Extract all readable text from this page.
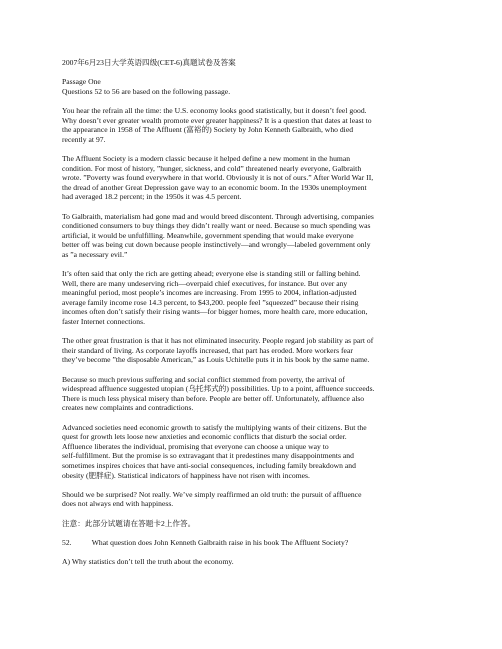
2007年6月23日大学英语四级(CET-6)真题试卷及答案

Passage One

Questions 52 to 56 are based on the following passage.

You hear the refrain all the time: the U.S. economy looks good statistically, but it doesn’t feel good.

Why doesn’t ever greater wealth promote ever greater happiness? It is a question that dates at least to

the appearance in 1958 of The Affluent (富裕的) Society by John Kenneth Galbraith, who died

recently at 97.

The Affluent Society is a modern classic because it helped define a new moment in the human

condition. For most of history, ”hunger, sickness, and cold” threatened nearly everyone, Galbraith

wrote. ”Poverty was found everywhere in that world. Obviously it is not of ours.” After World War II,

the dread of another Great Depression gave way to an economic boom. In the 1930s unemployment

had averaged 18.2 percent; in the 1950s it was 4.5 percent.

To Galbraith, materialism had gone mad and would breed discontent. Through advertising, companies

conditioned consumers to buy things they didn’t really want or need. Because so much spending was

artificial, it would be unfulfilling. Meanwhile, government spending that would make everyone

better off was being cut down because people instinctively—and wrongly—labeled government only

as ”a necessary evil.”

It’s often said that only the rich are getting ahead; everyone else is standing still or falling behind.

Well, there are many undeserving rich—overpaid chief executives, for instance. But over any

meaningful period, most people’s incomes are increasing. From 1995 to 2004, inflation-adjusted

average family income rose 14.3 percent, to $43,200. people feel ”squeezed” because their rising

incomes often don’t satisfy their rising wants—for bigger homes, more health care, more education,

faster Internet connections.

The other great frustration is that it has not eliminated insecurity. People regard job stability as part of

their standard of living. As corporate layoffs increased, that part has eroded. More workers fear

they’ve become ”the disposable American,” as Louis Uchitelle puts it in his book by the same name.

Because so much previous suffering and social conflict stemmed from poverty, the arrival of

widespread affluence suggested utopian (乌托邦式的) possibilities. Up to a point, affluence succeeds.

There is much less physical misery than before. People are better off. Unfortunately, affluence also

creates new complaints and contradictions.

Advanced societies need economic growth to satisfy the multiplying wants of their citizens. But the

quest for growth lets loose new anxieties and economic conflicts that disturb the social order.

Affluence liberates the individual, promising that everyone can choose a unique way to

self-fulfillment. But the promise is so extravagant that it predestines many disappointments and

sometimes inspires choices that have anti-social consequences, including family breakdown and

obesity (肥胖症). Statistical indicators of happiness have not risen with incomes.

Should we be surprised? Not really. We’ve simply reaffirmed an old truth: the pursuit of affluence

does not always end with happiness.

注意：此部分试题请在答题卡2上作答。

52.	What question does John Kenneth Galbraith raise in his book The Affluent Society?

A) Why statistics don’t tell the truth about the economy.
